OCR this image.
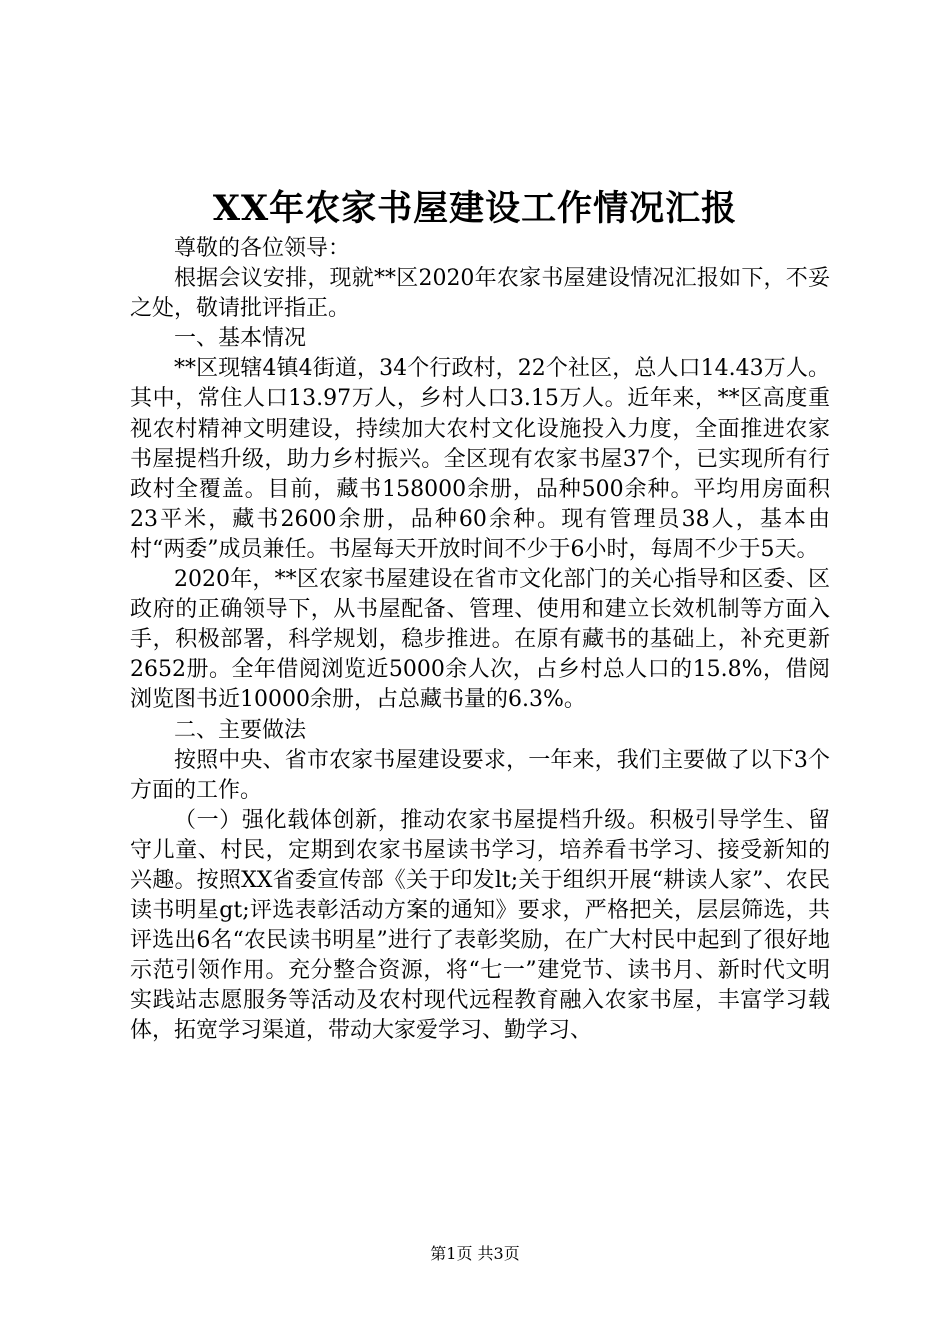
XX年农家书屋建设工作情况汇报

尊敬的各位领导：

根据会议安排，现就**区2020年农家书屋建设情况汇报如下，不妥之处，敬请批评指正。

一、基本情况

**区现辖4镇4街道，34个行政村，22个社区，总人口14.43万人。其中，常住人口13.97万人，乡村人口3.15万人。近年来，**区高度重视农村精神文明建设，持续加大农村文化设施投入力度，全面推进农家书屋提档升级，助力乡村振兴。全区现有农家书屋37个，已实现所有行政村全覆盖。目前，藏书158000余册，品种500余种。平均用房面积23平米，藏书2600余册，品种60余种。现有管理员38人，基本由村“两委”成员兼任。书屋每天开放时间不少于6小时，每周不少于5天。

2020年，**区农家书屋建设在省市文化部门的关心指导和区委、区政府的正确领导下，从书屋配备、管理、使用和建立长效机制等方面入手，积极部署，科学规划，稳步推进。在原有藏书的基础上，补充更新2652册。全年借阅浏览近5000余人次，占乡村总人口的15.8%，借阅浏览图书近10000余册，占总藏书量的6.3%。

二、主要做法

按照中央、省市农家书屋建设要求，一年来，我们主要做了以下3个方面的工作。

（一）强化载体创新，推动农家书屋提档升级。积极引导学生、留守儿童、村民，定期到农家书屋读书学习，培养看书学习、接受新知的兴趣。按照XX省委宣传部《关于印发lt;关于组织开展“耕读人家”、农民读书明星gt;评选表彰活动方案的通知》要求，严格把关，层层筛选，共评选出6名“农民读书明星”进行了表彰奖励，在广大村民中起到了很好地示范引领作用。充分整合资源，将“七一”建党节、读书月、新时代文明实践站志愿服务等活动及农村现代远程教育融入农家书屋，丰富学习载体，拓宽学习渠道，带动大家爱学习、勤学习、

第1页 共3页
